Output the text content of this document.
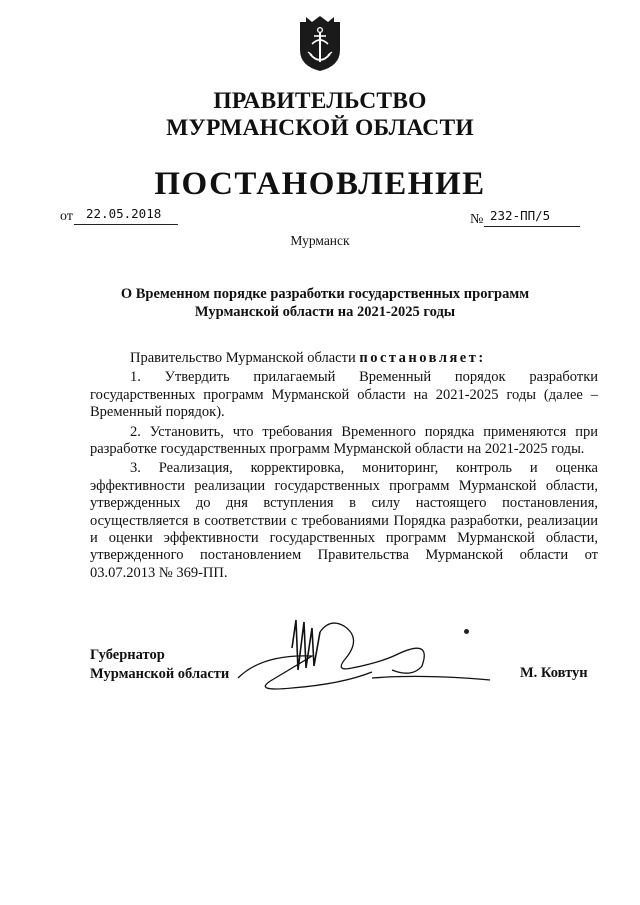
ПРАВИТЕЛЬСТВО
МУРМАНСКОЙ ОБЛАСТИ
ПОСТАНОВЛЕНИЕ
от	22.05.2018	№ 232-ПП/5
Мурманск
О Временном порядке разработки государственных программ
Мурманской области на 2021-2025 годы

Правительство Мурманской области постановляет:

1. Утвердить прилагаемый Временный порядок разработки государственных программ Мурманской области на 2021-2025 годы (далее – Временный порядок).

2. Установить, что требования Временного порядка применяются при разработке государственных программ Мурманской области на 2021-2025 годы.

3. Реализация, корректировка, мониторинг, контроль и оценка эффективности реализации государственных программ Мурманской области, утвержденных до дня вступления в силу настоящего постановления, осуществляется в соответствии с требованиями Порядка разработки, реализации и оценки эффективности государственных программ Мурманской области, утвержденного постановлением Правительства Мурманской области от 03.07.2013 № 369-ПП.

Губернатор
Мурманской области	М. Ковтун
